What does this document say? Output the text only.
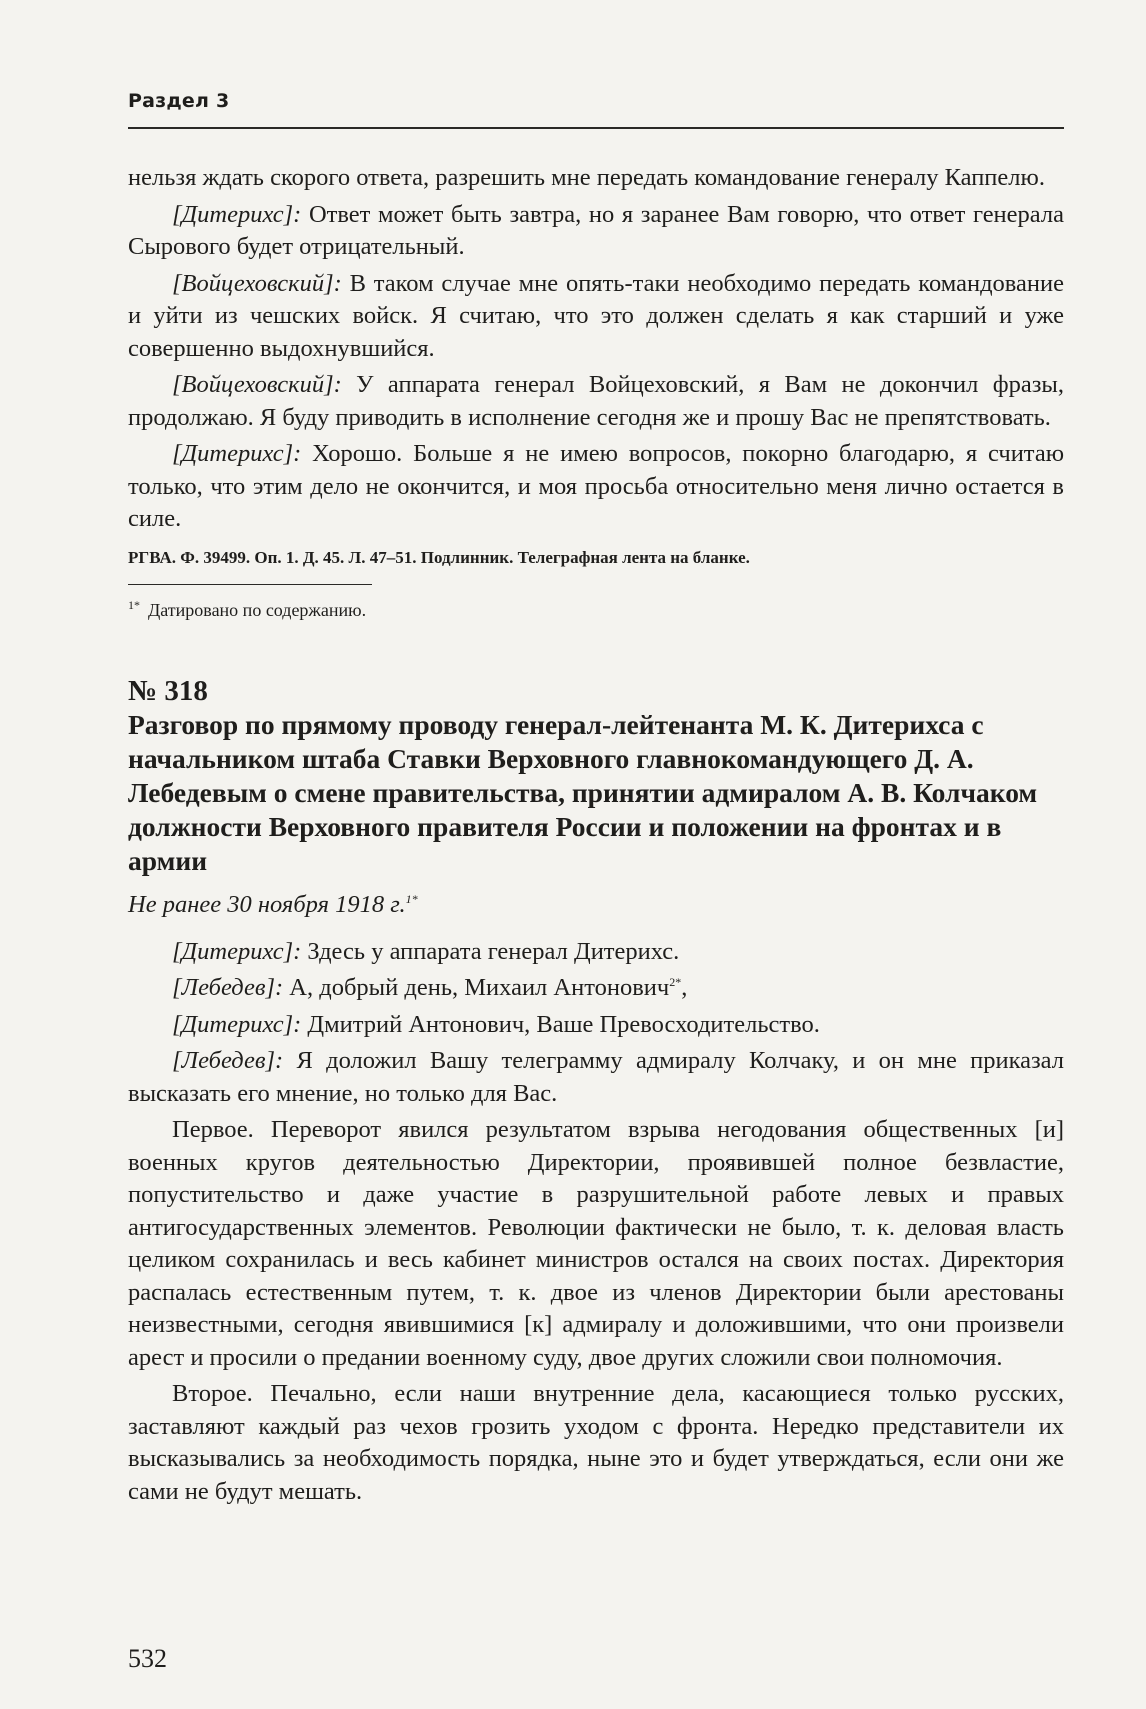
Раздел 3

нельзя ждать скорого ответа, разрешить мне передать командование генералу Каппелю.

[Дитерихс]: Ответ может быть завтра, но я заранее Вам говорю, что ответ генерала Сырового будет отрицательный.

[Войцеховский]: В таком случае мне опять-таки необходимо передать командование и уйти из чешских войск. Я считаю, что это должен сделать я как старший и уже совершенно выдохнувшийся.

[Войцеховский]: У аппарата генерал Войцеховский, я Вам не докончил фразы, продолжаю. Я буду приводить в исполнение сегодня же и прошу Вас не препятствовать.

[Дитерихс]: Хорошо. Больше я не имею вопросов, покорно благодарю, я считаю только, что этим дело не окончится, и моя просьба относительно меня лично остается в силе.

РГВА. Ф. 39499. Оп. 1. Д. 45. Л. 47–51. Подлинник. Телеграфная лента на бланке.

$^{1*}$ Датировано по содержанию.

№ 318

Разговор по прямому проводу генерал-лейтенанта М. К. Дитерихса с начальником штаба Ставки Верховного главнокомандующего Д. А. Лебедевым о смене правительства, принятии адмиралом А. В. Колчаком должности Верховного правителя России и положении на фронтах и в армии

Не ранее 30 ноября 1918 г.$^{1*}$

[Дитерихс]: Здесь у аппарата генерал Дитерихс.

[Лебедев]: А, добрый день, Михаил Антонович$^{2*}$,

[Дитерихс]: Дмитрий Антонович, Ваше Превосходительство.

[Лебедев]: Я доложил Вашу телеграмму адмиралу Колчаку, и он мне приказал высказать его мнение, но только для Вас.

Первое. Переворот явился результатом взрыва негодования общественных [и] военных кругов деятельностью Директории, проявившей полное безвластие, попустительство и даже участие в разрушительной работе левых и правых антигосударственных элементов. Революции фактически не было, т. к. деловая власть целиком сохранилась и весь кабинет министров остался на своих постах. Директория распалась естественным путем, т. к. двое из членов Директории были арестованы неизвестными, сегодня явившимися [к] адмиралу и доложившими, что они произвели арест и просили о предании военному суду, двое других сложили свои полномочия.

Второе. Печально, если наши внутренние дела, касающиеся только русских, заставляют каждый раз чехов грозить уходом с фронта. Нередко представители их высказывались за необходимость порядка, ныне это и будет утверждаться, если они же сами не будут мешать.

532
